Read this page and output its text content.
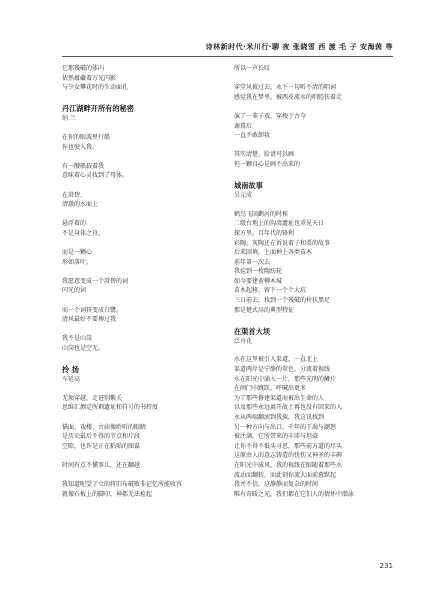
诗林新时代·米川行·聊 夜 张晓雪 西 渡 毛 子 安海茵 等
它那残破的体内
依然蕴藏着万光闪影
与少女攀花时的生动面孔
丹江湖畔开所有的秘密
纳 兰
在你的眼波里行船
你也驶入我。
有一艘船载着我
意味着心灵找到了母体。
在澄碧、
清澈的水面上
悬浮着的
不是身体之舟。
而是一颗心
形如落叶。
我愿意变成一个澄碧的词
闪光的词
而一个词将变成白鹭。
清风最好不要搏过我
我不是山岗
山岗也是空无。
拎 扬
车延高
无须穿越，走进别紫关
思维汇测定所剩遗址和符号的书持度
锚面、戏楼、古庙像聆听的眼睛
是历史最后不得的节点和片段
空隙，也许是正在粘贴的图谋
时间有点不懂事儿，还在翻越
我知道呢受了立的将旧布破败非记忆所能收容
就像石板上的脚印，神都无法检起
所以一声长叹
穿堂风披过去，永下一句听不清的唱词
感觉我在梦里，被西皮流水的唱腔扶着走
演了一辈子戏，穿梭于古今
谢幕后
一直不敢卸妆
其实清楚，脸谱可以画
但一颗良心是画不出来的
城南故事
吴元成
鹤鸟飞回鹳河的时候
二级台地上的沟湾遗址也重见天日
探方里，百年代的锋利
彩陶、灰陶还在诉说着子和栗的故事
后来回填，上面种上各类苗木
前年第一次去
我捡到一枚陶纺轮
如今要建黄柳木城
苗木起移，留下一个个大坑
三日前去，找到一个残破的柱状黑足
那是楚式鬲的典型特征
在渠首大坝
泛舟花
水在这里被引入渠道，一直北上
渠道两岸是宁静的翠色。分流着视线
水在阳光中涌入一片，那些光明的鳞片
在闸门中跳跃，呼喊出更多
为了那些修建渠道而被出生命的人
以及那些永远离开故土再也没有回来的人
永从两端翻滚到我族，我这讯找到
另一种方向与出口，千年的干渴与潮怒
被注满，它所带来的丰沛与坦豪
让你不得不低头寻思，那些前方道的尽头
这原由人的意志铸造的忧伤又神圣的丰碑
在阳光中威风，我的视线在眼随着那些水
波动而翻转，而此刻你流大面前愈默起
我并不信，这静静而复杂的时间
唯有奇暖之光，我们都在它们人的情怀中潜泳
231
